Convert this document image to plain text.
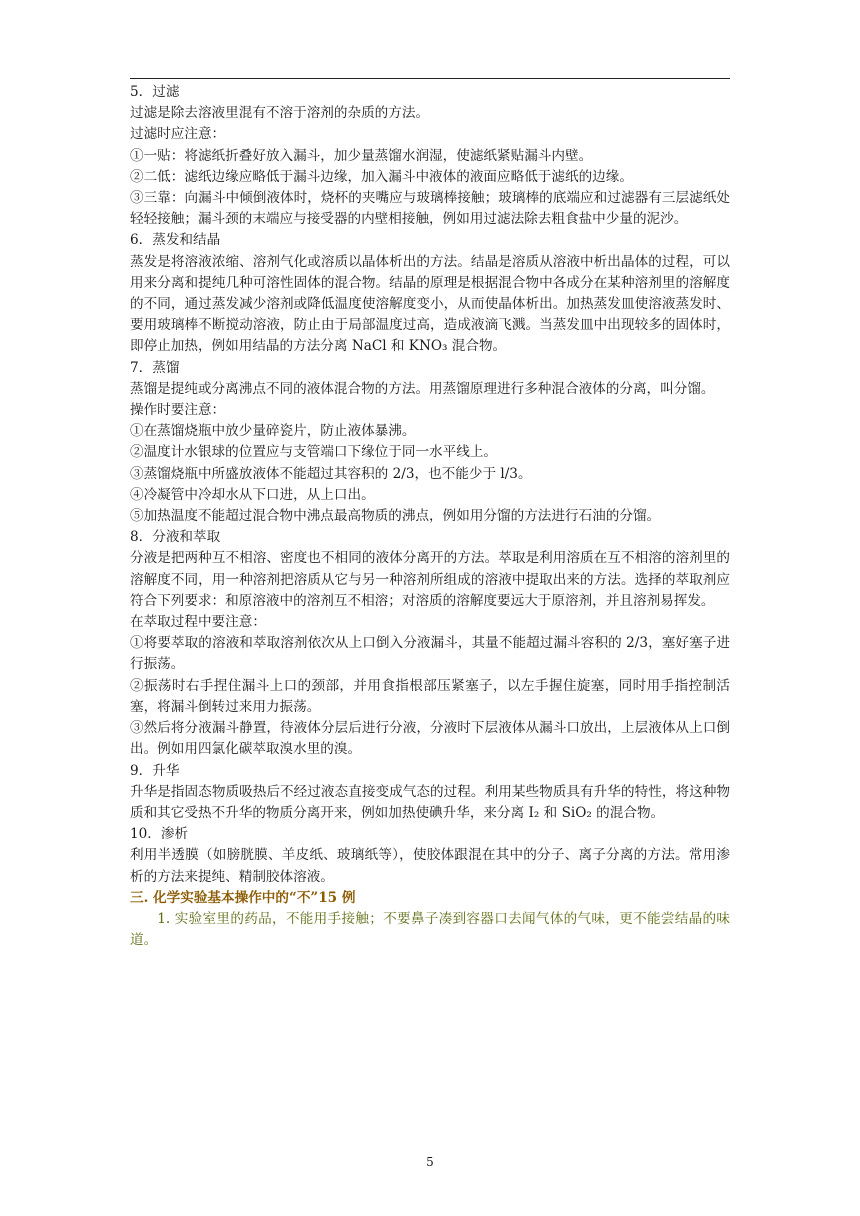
5．过滤

过滤是除去溶液里混有不溶于溶剂的杂质的方法。

过滤时应注意：

①一贴：将滤纸折叠好放入漏斗，加少量蒸馏水润湿，使滤纸紧贴漏斗内壁。

②二低：滤纸边缘应略低于漏斗边缘，加入漏斗中液体的液面应略低于滤纸的边缘。

③三靠：向漏斗中倾倒液体时，烧杯的夹嘴应与玻璃棒接触；玻璃棒的底端应和过滤器有三层滤纸处轻轻接触；漏斗颈的末端应与接受器的内壁相接触，例如用过滤法除去粗食盐中少量的泥沙。

6．蒸发和结晶

蒸发是将溶液浓缩、溶剂气化或溶质以晶体析出的方法。结晶是溶质从溶液中析出晶体的过程，可以用来分离和提纯几种可溶性固体的混合物。结晶的原理是根据混合物中各成分在某种溶剂里的溶解度的不同，通过蒸发减少溶剂或降低温度使溶解度变小，从而使晶体析出。加热蒸发皿使溶液蒸发时、要用玻璃棒不断搅动溶液，防止由于局部温度过高，造成液滴飞溅。当蒸发皿中出现较多的固体时，即停止加热，例如用结晶的方法分离 NaCl 和 KNO₃ 混合物。

7．蒸馏

蒸馏是提纯或分离沸点不同的液体混合物的方法。用蒸馏原理进行多种混合液体的分离，叫分馏。

操作时要注意：

①在蒸馏烧瓶中放少量碎瓷片，防止液体暴沸。

②温度计水银球的位置应与支管端口下缘位于同一水平线上。

③蒸馏烧瓶中所盛放液体不能超过其容积的 2/3，也不能少于 l/3。

④冷凝管中冷却水从下口进，从上口出。

⑤加热温度不能超过混合物中沸点最高物质的沸点，例如用分馏的方法进行石油的分馏。

8．分液和萃取

分液是把两种互不相溶、密度也不相同的液体分离开的方法。萃取是利用溶质在互不相溶的溶剂里的溶解度不同，用一种溶剂把溶质从它与另一种溶剂所组成的溶液中提取出来的方法。选择的萃取剂应符合下列要求：和原溶液中的溶剂互不相溶；对溶质的溶解度要远大于原溶剂，并且溶剂易挥发。

在萃取过程中要注意：

①将要萃取的溶液和萃取溶剂依次从上口倒入分液漏斗，其量不能超过漏斗容积的 2/3，塞好塞子进行振荡。

②振荡时右手捏住漏斗上口的颈部，并用食指根部压紧塞子，以左手握住旋塞，同时用手指控制活塞，将漏斗倒转过来用力振荡。

③然后将分液漏斗静置，待液体分层后进行分液，分液时下层液体从漏斗口放出，上层液体从上口倒出。例如用四氯化碳萃取溴水里的溴。

9．升华

升华是指固态物质吸热后不经过液态直接变成气态的过程。利用某些物质具有升华的特性，将这种物质和其它受热不升华的物质分离开来，例如加热使碘升华，来分离 I₂ 和 SiO₂ 的混合物。

10．渗析

利用半透膜（如膀胱膜、羊皮纸、玻璃纸等），使胶体跟混在其中的分子、离子分离的方法。常用渗析的方法来提纯、精制胶体溶液。

三. 化学实验基本操作中的“不”15 例

1. 实验室里的药品，不能用手接触；不要鼻子凑到容器口去闻气体的气味，更不能尝结晶的味道。

5
